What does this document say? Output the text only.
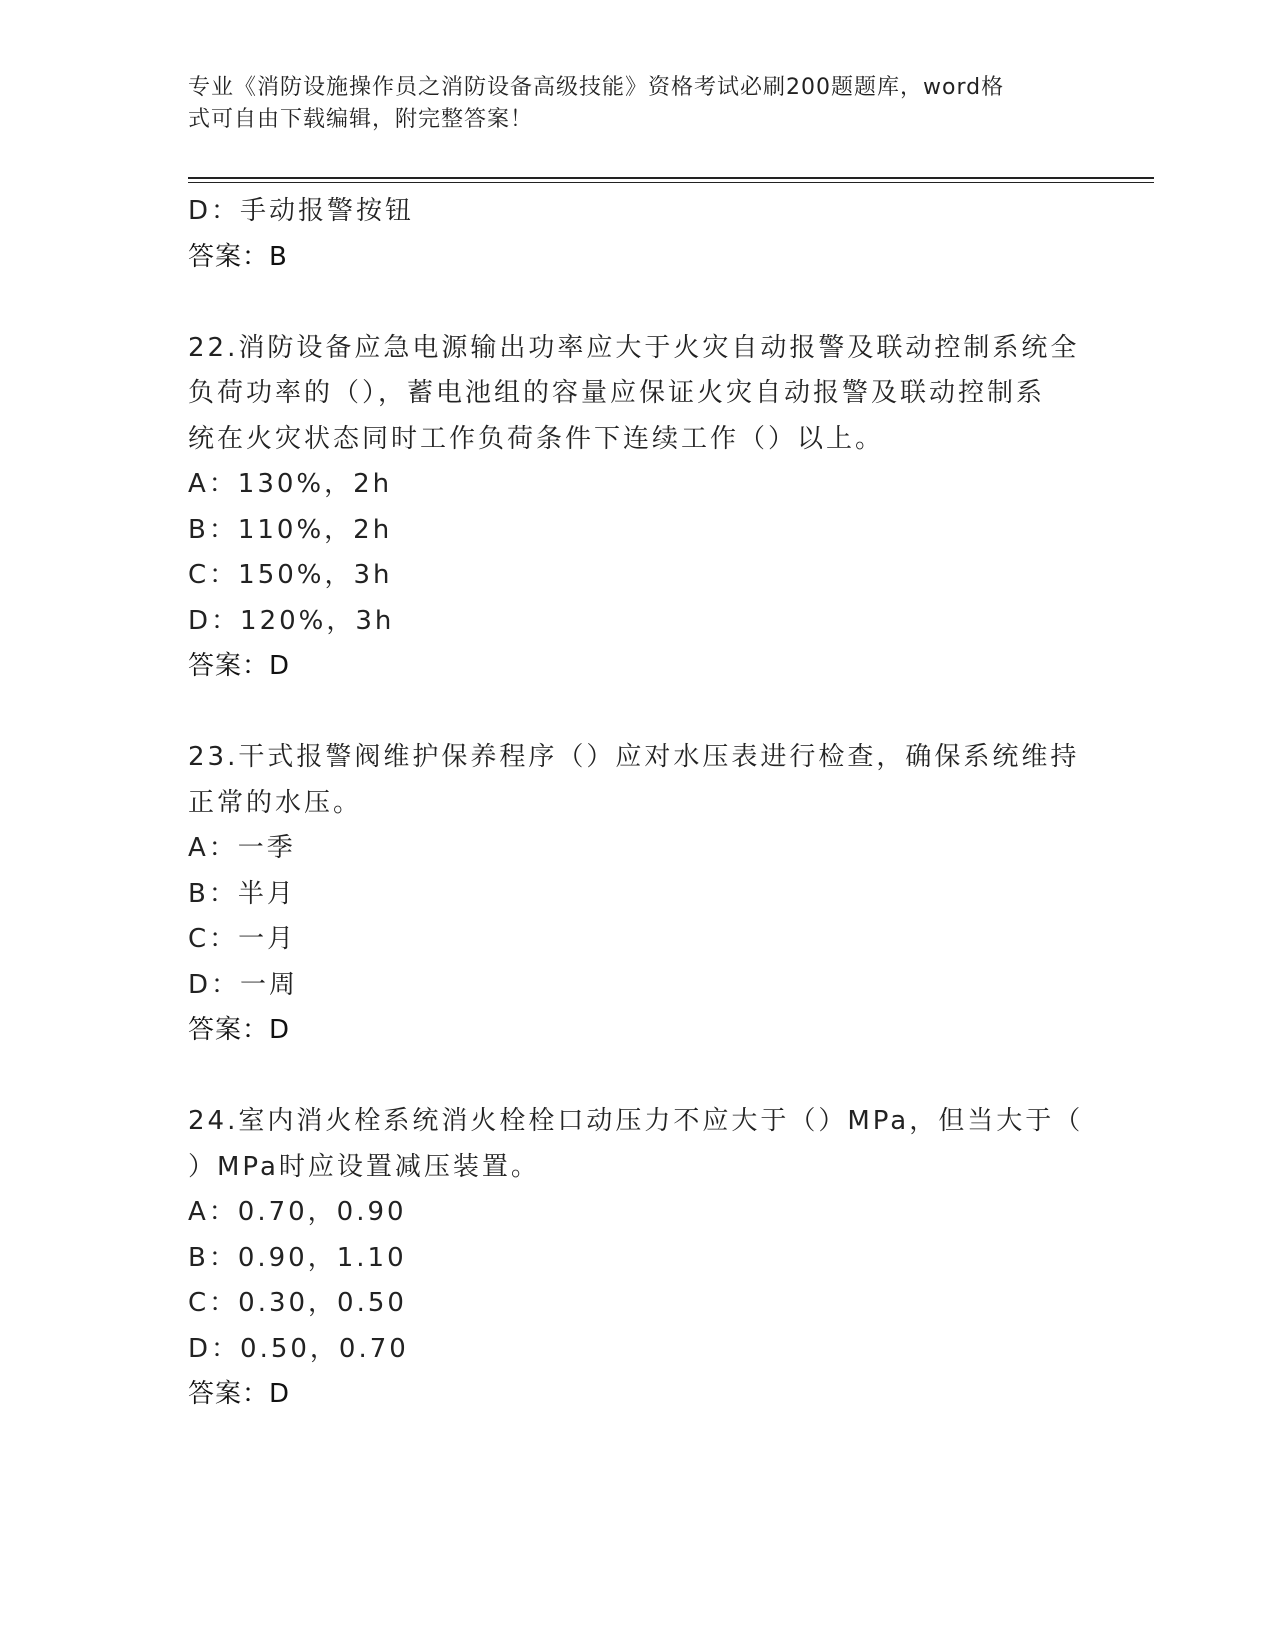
专业《消防设施操作员之消防设备高级技能》资格考试必刷200题题库，word格
式可自由下载编辑，附完整答案！
D：手动报警按钮
答案：B
22.消防设备应急电源输出功率应大于火灾自动报警及联动控制系统全
负荷功率的（），蓄电池组的容量应保证火灾自动报警及联动控制系
统在火灾状态同时工作负荷条件下连续工作（）以上。
A：130%，2h
B：110%，2h
C：150%，3h
D：120%，3h
答案：D
23.干式报警阀维护保养程序（）应对水压表进行检查，确保系统维持
正常的水压。
A：一季
B：半月
C：一月
D：一周
答案：D
24.室内消火栓系统消火栓栓口动压力不应大于（）MPa，但当大于（
）MPa时应设置减压装置。
A：0.70，0.90
B：0.90，1.10
C：0.30，0.50
D：0.50，0.70
答案：D
